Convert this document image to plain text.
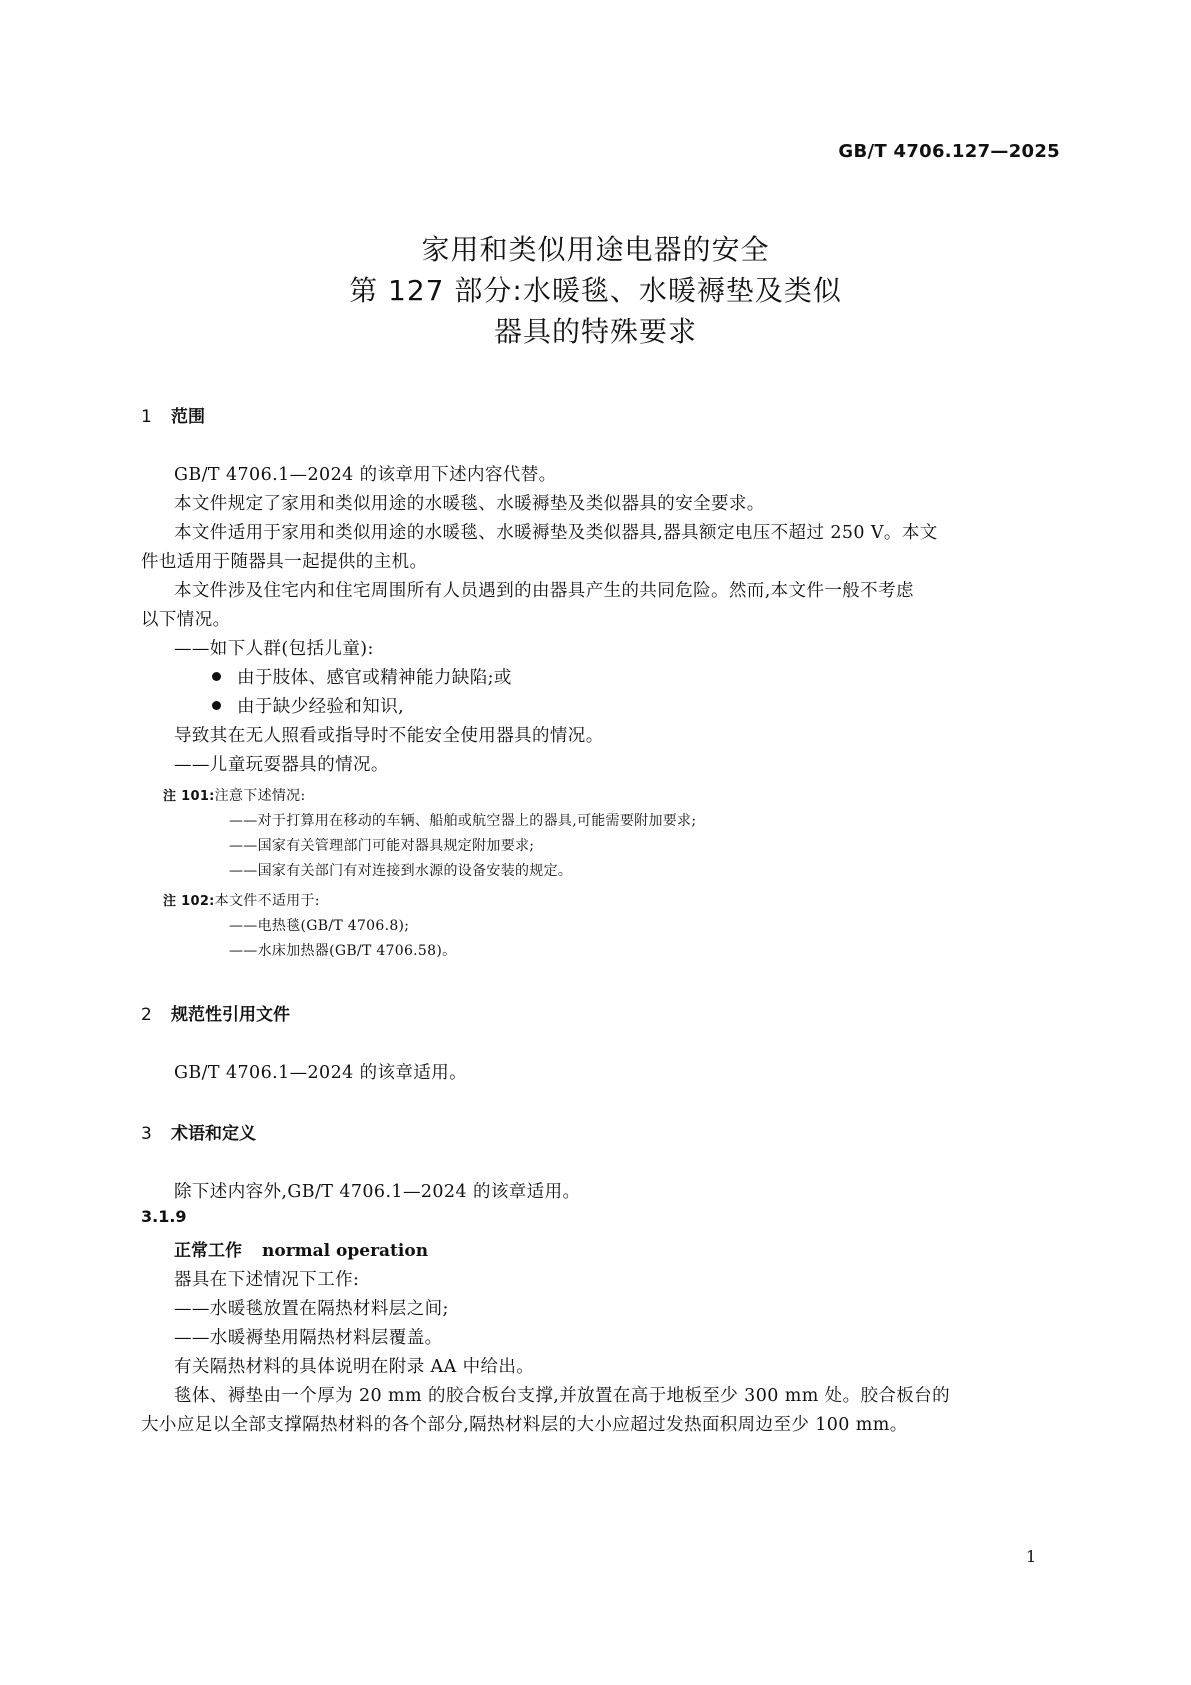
GB/T 4706.127—2025
家用和类似用途电器的安全
第 127 部分:水暖毯、水暖褥垫及类似
器具的特殊要求
1 范围
GB/T 4706.1—2024 的该章用下述内容代替。
本文件规定了家用和类似用途的水暖毯、水暖褥垫及类似器具的安全要求。
本文件适用于家用和类似用途的水暖毯、水暖褥垫及类似器具,器具额定电压不超过 250 V。本文
件也适用于随器具一起提供的主机。
本文件涉及住宅内和住宅周围所有人员遇到的由器具产生的共同危险。然而,本文件一般不考虑
以下情况。
——如下人群(包括儿童):
由于肢体、感官或精神能力缺陷;或
由于缺少经验和知识,
导致其在无人照看或指导时不能安全使用器具的情况。
——儿童玩耍器具的情况。
注 101:注意下述情况:
——对于打算用在移动的车辆、船舶或航空器上的器具,可能需要附加要求;
——国家有关管理部门可能对器具规定附加要求;
——国家有关部门有对连接到水源的设备安装的规定。
注 102:本文件不适用于:
——电热毯(GB/T 4706.8);
——水床加热器(GB/T 4706.58)。
2 规范性引用文件
GB/T 4706.1—2024 的该章适用。
3 术语和定义
除下述内容外,GB/T 4706.1—2024 的该章适用。
3.1.9
正常工作 normal operation
器具在下述情况下工作:
——水暖毯放置在隔热材料层之间;
——水暖褥垫用隔热材料层覆盖。
有关隔热材料的具体说明在附录 AA 中给出。
毯体、褥垫由一个厚为 20 mm 的胶合板台支撑,并放置在高于地板至少 300 mm 处。胶合板台的
大小应足以全部支撑隔热材料的各个部分,隔热材料层的大小应超过发热面积周边至少 100 mm。
1
